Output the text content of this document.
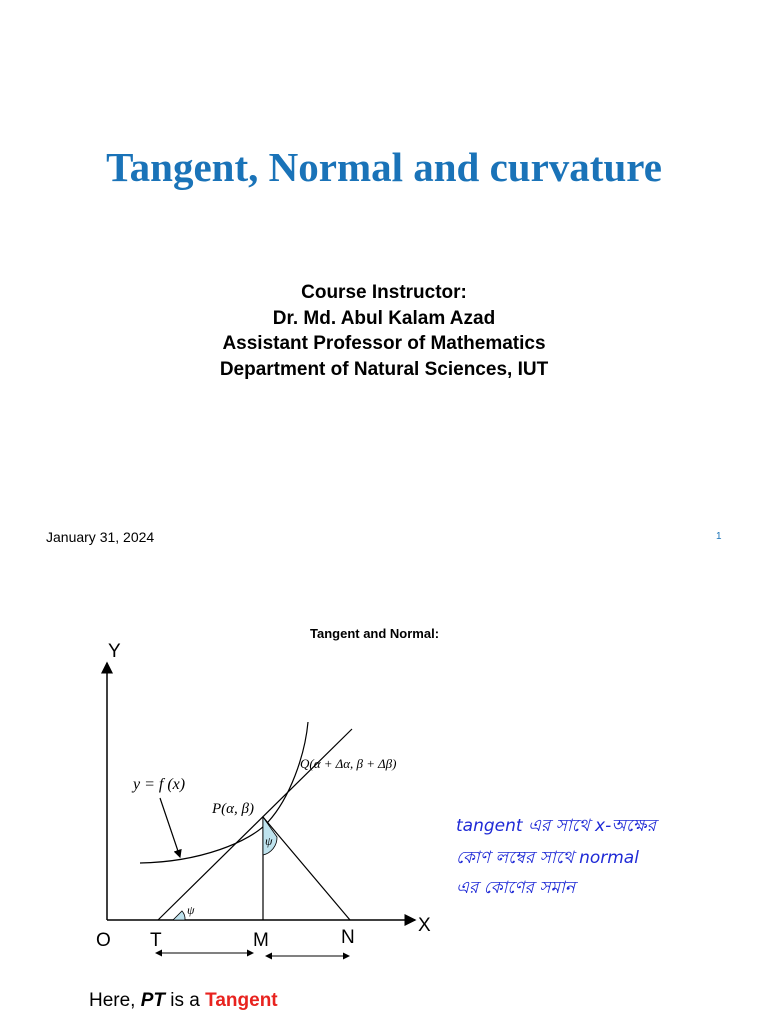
Tangent, Normal and curvature
Course Instructor:
Dr. Md. Abul Kalam Azad
Assistant Professor of Mathematics
Department of Natural Sciences, IUT
January 31, 2024	1
Tangent and Normal:
Y
X
O T	M	N
y = f (x)
P(α, β)
Q(α + Δα, β + Δβ)
ψ
ψ
tangent এর সাথে x-অক্ষের
কোণ লম্বের সাথে normal
এর কোণের সমান
Here, PT is a Tangent
